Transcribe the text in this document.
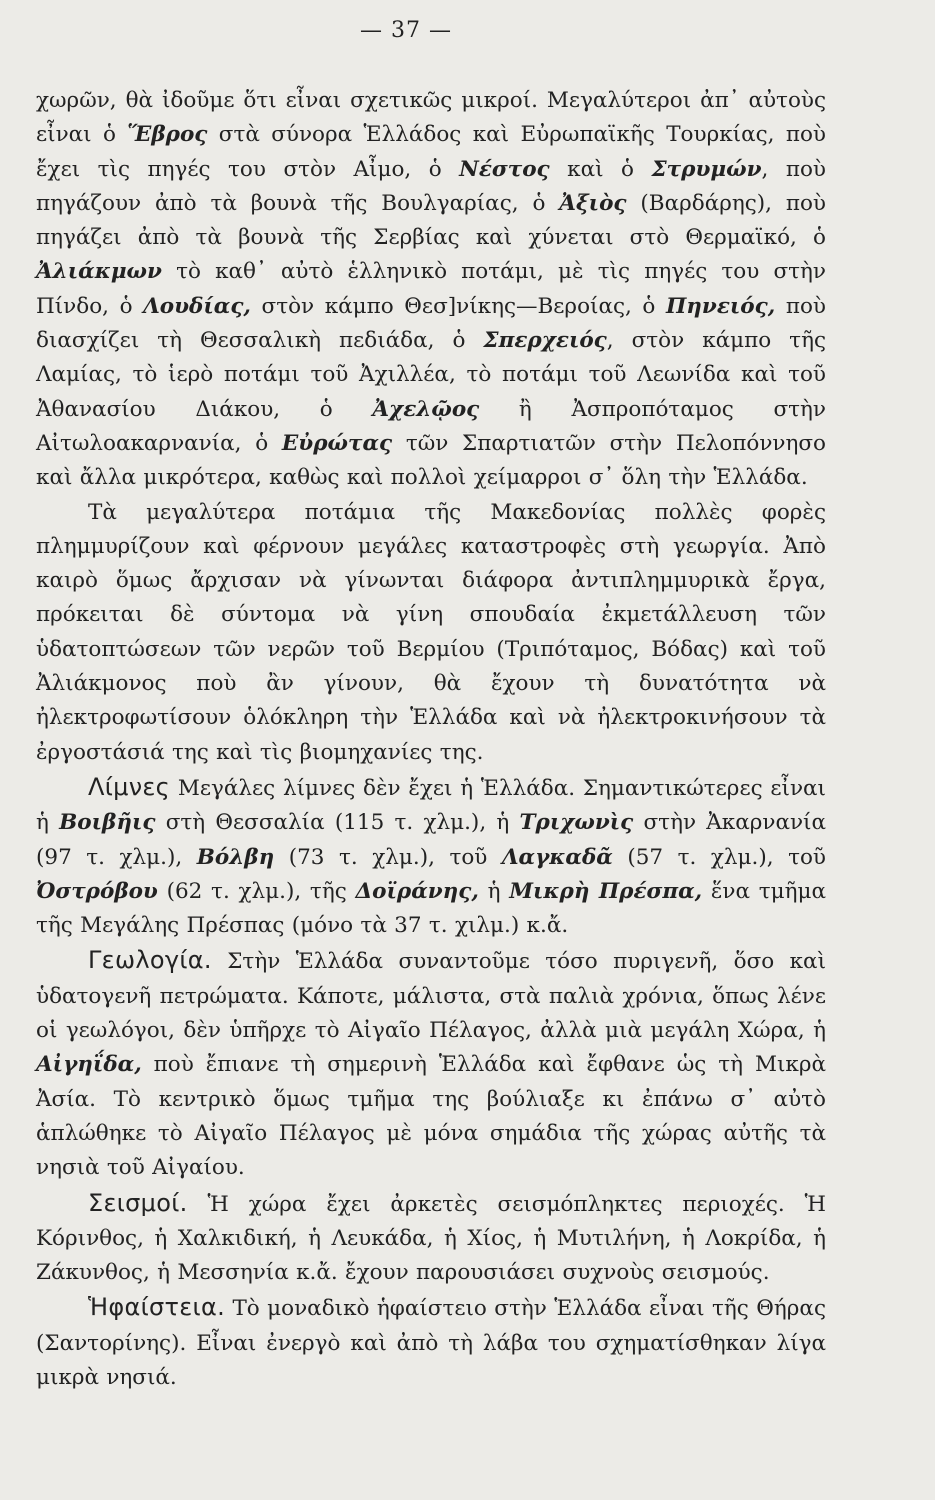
— 37 —

χωρῶν, θὰ ἰδοῦμε ὅτι εἶναι σχετικῶς μικροί. Μεγαλύτεροι ἀπ᾽ αὐτοὺς εἶναι ὁ Ἕβρος στὰ σύνορα Ἑλλάδος καὶ Εὐρωπαϊκῆς Τουρκίας, ποὺ ἔχει τὶς πηγές του στὸν Αἶμο, ὁ Νέστος καὶ ὁ Στρυμών, ποὺ πηγάζουν ἀπὸ τὰ βουνὰ τῆς Βουλγαρίας, ὁ Ἀξιὸς (Βαρδάρης), ποὺ πηγάζει ἀπὸ τὰ βουνὰ τῆς Σερβίας καὶ χύνεται στὸ Θερμαϊκό, ὁ Ἀλιάκμων τὸ καθ᾽ αὐτὸ ἑλληνικὸ ποτάμι, μὲ τὶς πηγές του στὴν Πίνδο, ὁ Λουδίας, στὸν κάμπο Θεσ]νίκης—Βεροίας, ὁ Πηνειός, ποὺ διασχίζει τὴ Θεσσαλικὴ πεδιάδα, ὁ Σπερχειός, στὸν κάμπο τῆς Λαμίας, τὸ ἱερὸ ποτάμι τοῦ Ἀχιλλέα, τὸ ποτάμι τοῦ Λεωνίδα καὶ τοῦ Ἀθανασίου Διάκου, ὁ Ἀχελῷος ἢ Ἀσπροπόταμος στὴν Αἰτωλοακαρνανία, ὁ Εὐρώτας τῶν Σπαρτιατῶν στὴν Πελοπόννησο καὶ ἄλλα μικρότερα, καθὼς καὶ πολλοὶ χείμαρροι σ᾽ ὅλη τὴν Ἑλλάδα.

Τὰ μεγαλύτερα ποτάμια τῆς Μακεδονίας πολλὲς φορὲς πλημμυρίζουν καὶ φέρνουν μεγάλες καταστροφὲς στὴ γεωργία. Ἀπὸ καιρὸ ὅμως ἄρχισαν νὰ γίνωνται διάφορα ἀντιπλημμυρικὰ ἔργα, πρόκειται δὲ σύντομα νὰ γίνη σπουδαία ἐκμετάλλευση τῶν ὑδατοπτώσεων τῶν νερῶν τοῦ Βερμίου (Τριπόταμος, Βόδας) καὶ τοῦ Ἀλιάκμονος ποὺ ἂν γίνουν, θὰ ἔχουν τὴ δυνατότητα νὰ ἠλεκτροφωτίσουν ὁλόκληρη τὴν Ἑλλάδα καὶ νὰ ἠλεκτροκινήσουν τὰ ἐργοστάσιά της καὶ τὶς βιομηχανίες της.

Λίμνες Μεγάλες λίμνες δὲν ἔχει ἡ Ἑλλάδα. Σημαντικώτερες εἶναι ἡ Βοιβῆις στὴ Θεσσαλία (115 τ. χλμ.), ἡ Τριχωνὶς στὴν Ἀκαρνανία (97 τ. χλμ.), Βόλβη (73 τ. χλμ.), τοῦ Λαγκαδᾶ (57 τ. χλμ.), τοῦ Ὀστρόβου (62 τ. χλμ.), τῆς Δοϊράνης, ἡ Μικρὴ Πρέσπα, ἕνα τμῆμα τῆς Μεγάλης Πρέσπας (μόνο τὰ 37 τ. χιλμ.) κ.ἄ.

Γεωλογία. Στὴν Ἑλλάδα συναντοῦμε τόσο πυριγενῆ, ὅσο καὶ ὑδατογενῆ πετρώματα. Κάποτε, μάλιστα, στὰ παλιὰ χρόνια, ὅπως λένε οἱ γεωλόγοι, δὲν ὑπῆρχε τὸ Αἰγαῖο Πέλαγος, ἀλλὰ μιὰ μεγάλη Χώρα, ἡ Αἰγηΐδα, ποὺ ἔπιανε τὴ σημερινὴ Ἑλλάδα καὶ ἔφθανε ὡς τὴ Μικρὰ Ἀσία. Τὸ κεντρικὸ ὅμως τμῆμα της βούλιαξε κι ἐπάνω σ᾽ αὐτὸ ἁπλώθηκε τὸ Αἰγαῖο Πέλαγος μὲ μόνα σημάδια τῆς χώρας αὐτῆς τὰ νησιὰ τοῦ Αἰγαίου.

Σεισμοί. Ἡ χώρα ἔχει ἀρκετὲς σεισμόπληκτες περιοχές. Ἡ Κόρινθος, ἡ Χαλκιδική, ἡ Λευκάδα, ἡ Χίος, ἡ Μυτιλήνη, ἡ Λοκρίδα, ἡ Ζάκυνθος, ἡ Μεσσηνία κ.ἄ. ἔχουν παρουσιάσει συχνοὺς σεισμούς.

Ἡφαίστεια. Τὸ μοναδικὸ ἡφαίστειο στὴν Ἑλλάδα εἶναι τῆς Θήρας (Σαντορίνης). Εἶναι ἐνεργὸ καὶ ἀπὸ τὴ λάβα του σχηματίσθηκαν λίγα μικρὰ νησιά.
